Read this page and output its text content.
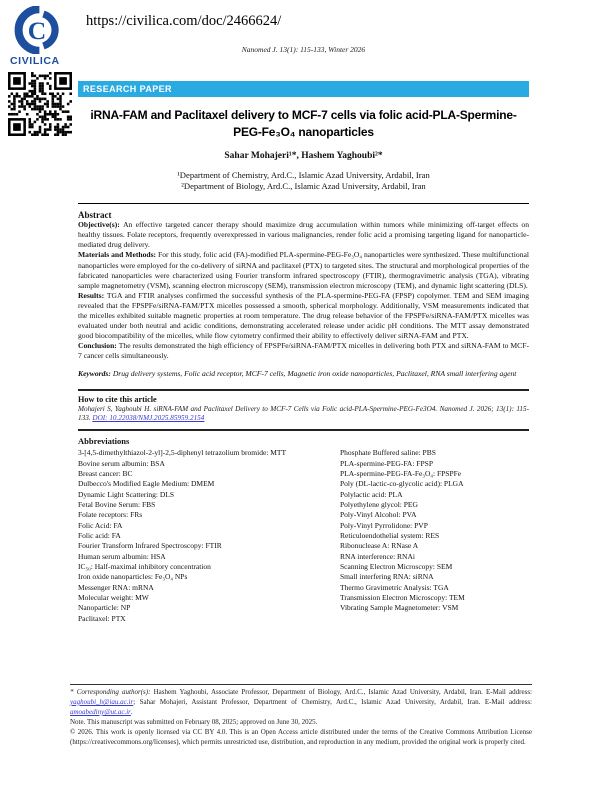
C
CIVILICA
https://civilica.com/doc/2466624/
Nanomed J. 13(1): 115-133, Winter 2026
RESEARCH PAPER
iRNA-FAM and Paclitaxel delivery to MCF-7 cells via folic acid-PLA-Spermine-
PEG-Fe₃O₄ nanoparticles
Sahar Mohajeri¹*, Hashem Yaghoubi²*
¹Department of Chemistry, Ard.C., Islamic Azad University, Ardabil, Iran
²Department of Biology, Ard.C., Islamic Azad University, Ardabil, Iran
Abstract

Objective(s): An effective targeted cancer therapy should maximize drug accumulation within tumors while minimizing off-target effects on healthy tissues. Folate receptors, frequently overexpressed in various malignancies, render folic acid a promising targeting ligand for nanoparticle-mediated drug delivery.

Materials and Methods: For this study, folic acid (FA)-modified PLA-spermine-PEG-Fe₃O₄ nanoparticles were synthesized. These multifunctional nanoparticles were employed for the co-delivery of siRNA and paclitaxel (PTX) to targeted sites. The structural and morphological properties of the fabricated nanoparticles were characterized using Fourier transform infrared spectroscopy (FTIR), thermogravimetric analysis (TGA), vibrating sample magnetometry (VSM), scanning electron microscopy (SEM), transmission electron microscopy (TEM), and dynamic light scattering (DLS).

Results: TGA and FTIR analyses confirmed the successful synthesis of the PLA-spermine-PEG-FA (FPSP) copolymer. TEM and SEM imaging revealed that the FPSPFe/siRNA-FAM/PTX micelles possessed a smooth, spherical morphology. Additionally, VSM measurements indicated that the micelles exhibited suitable magnetic properties at room temperature. The drug release behavior of the FPSPFe/siRNA-FAM/PTX micelles was evaluated under both neutral and acidic conditions, demonstrating accelerated release under acidic pH conditions. The MTT assay demonstrated good biocompatibility of the micelles, while flow cytometry confirmed their ability to effectively deliver siRNA-FAM and PTX.

Conclusion: The results demonstrated the high efficiency of FPSPFe/siRNA-FAM/PTX micelles in delivering both PTX and siRNA-FAM to MCF-7 cancer cells simultaneously.

Keywords: Drug delivery systems, Folic acid receptor, MCF-7 cells, Magnetic iron oxide nanoparticles, Paclitaxel, RNA small interfering agent

How to cite this article

Mohajeri S, Yaghoubi H. siRNA-FAM and Paclitaxel Delivery to MCF-7 Cells via Folic acid-PLA-Spermine-PEG-Fe3O4. Nanomed J. 2026; 13(1): 115-133. DOI: 10.22038/NMJ.2025.85959.2154

Abbreviations
3-[4,5-dimethylthiazol-2-yl]-2,5-diphenyl tetrazolium bromide: MTT
Bovine serum albumin: BSA
Breast cancer: BC
Dulbecco's Modified Eagle Medium: DMEM
Dynamic Light Scattering: DLS
Fetal Bovine Serum: FBS
Folate receptors: FRs
Folic Acid: FA
Folic acid: FA
Fourier Transform Infrared Spectroscopy: FTIR
Human serum albumin: HSA
IC₅₀: Half-maximal inhibitory concentration
Iron oxide nanoparticles: Fe₃O₄ NPs
Messenger RNA: mRNA
Molecular weight: MW
Nanoparticle: NP
Paclitaxel: PTX
Phosphate Buffered saline: PBS
PLA-spermine-PEG-FA: FPSP
PLA-spermine-PEG-FA-Fe₃O₄: FPSPFe
Poly (DL-lactic-co-glycolic acid): PLGA
Polylactic acid: PLA
Polyethylene glycol: PEG
Poly-Vinyl Alcohol: PVA
Poly-Vinyl Pyrrolidone: PVP
Reticuloendothelial system: RES
Ribonuclease A: RNase A
RNA interference: RNAi
Scanning Electron Microscopy: SEM
Small interfering RNA: siRNA
Thermo Gravimetric Analysis: TGA
Transmission Electron Microscopy: TEM
Vibrating Sample Magnetometer: VSM

* Corresponding author(s): Hashem Yaghoubi, Associate Professor, Department of Biology, Ard.C., Islamic Azad University, Ardabil, Iran. E-Mail address: yaghoubi_h@iau.ac.ir; Sahar Mohajeri, Assistant Professor, Department of Chemistry, Ard.C., Islamic Azad University, Ardabil, Iran. E-Mail address: amoabediny@ut.ac.ir.

Note. This manuscript was submitted on February 08, 2025; approved on June 30, 2025.

© 2026. This work is openly licensed via CC BY 4.0. This is an Open Access article distributed under the terms of the Creative Commons Attribution License (https://creativecommons.org/licenses), which permits unrestricted use, distribution, and reproduction in any medium, provided the original work is properly cited.
